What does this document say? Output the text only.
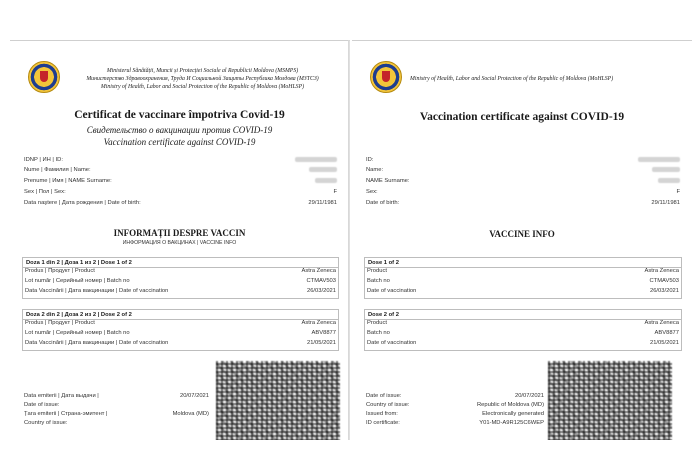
Ministerul Sănătății, Muncii și Protecției Sociale al Republicii Moldova (MSMPS)
Министерство Здравоохранения, Труда И Социальной Защиты Республика Молдова (МЗТСЗ)
Ministry of Health, Labor and Social Protection of the Republic of Moldova (MoHLSP)
Certificat de vaccinare împotriva Covid-19
Свидетельство о вакцинации против COVID-19
Vaccination certificate against COVID-19
IDNP | ИН | ID:
Nume | Фамилия | Name:
Prenume | Имя | NAME Surname:
Sex | Пол | Sex:	F
Data naşterе | Дата рождения | Date of birth:	29/11/1981
INFORMAȚII DESPRE VACCIN
ИНФОРМАЦИЯ О ВАКЦИНАХ | VACCINE INFO
Doza 1 din 2 | Доза 1 из 2 | Dose 1 of 2
Produs | Продукт | Product	Astra Zeneca
Lot număr | Серийный номер | Batch no	CTMAV503
Data Vaccinării | Дата вакцинации | Date of vaccination	26/03/2021
Doza 2 din 2 | Доза 2 из 2 | Dose 2 of 2
Produs | Продукт | Product	Astra Zeneca
Lot număr | Серийный номер | Batch no	ABV8877
Data Vaccinării | Дата вакцинации | Date of vaccination	21/05/2021
Data emiterii | Дата выдачи |	20/07/2021
Date of issue:
Țara emiterii | Страна-эмитент |	Moldova (MD)
Country of issue:
Ministry of Health, Labor and Social Protection of the Republic of Moldova (MoHLSP)
Vaccination certificate against COVID-19
ID:
Name:
NAME Surname:
Sex:	F
Date of birth:	29/11/1981
VACCINE INFO
Dose 1 of 2
Product	Astra Zeneca
Batch no	CTMAV503
Date of vaccination	26/03/2021
Dose 2 of 2
Product	Astra Zeneca
Batch no	ABV8877
Date of vaccination	21/05/2021
Date of issue:	20/07/2021
Country of issue:	Republic of Moldova (MD)
Issued from:	Electronically generated
ID certificate:	Y01-MD-A9R125C6WEP
